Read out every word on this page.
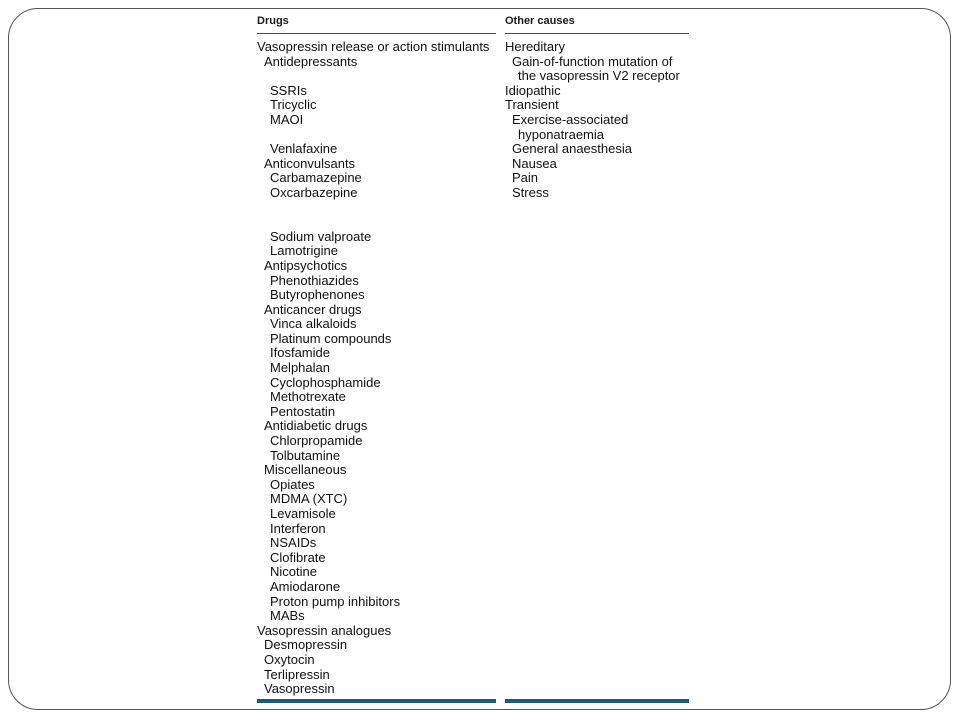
Drugs
Vasopressin release or action stimulants
Antidepressants
SSRIs
Tricyclic
MAOI
Venlafaxine
Anticonvulsants
Carbamazepine
Oxcarbazepine
Sodium valproate
Lamotrigine
Antipsychotics
Phenothiazides
Butyrophenones
Anticancer drugs
Vinca alkaloids
Platinum compounds
Ifosfamide
Melphalan
Cyclophosphamide
Methotrexate
Pentostatin
Antidiabetic drugs
Chlorpropamide
Tolbutamine
Miscellaneous
Opiates
MDMA (XTC)
Levamisole
Interferon
NSAIDs
Clofibrate
Nicotine
Amiodarone
Proton pump inhibitors
MABs
Vasopressin analogues
Desmopressin
Oxytocin
Terlipressin
Vasopressin
Other causes
Hereditary
Gain-of-function mutation of
the vasopressin V2 receptor
Idiopathic
Transient
Exercise-associated
hyponatraemia
General anaesthesia
Nausea
Pain
Stress
